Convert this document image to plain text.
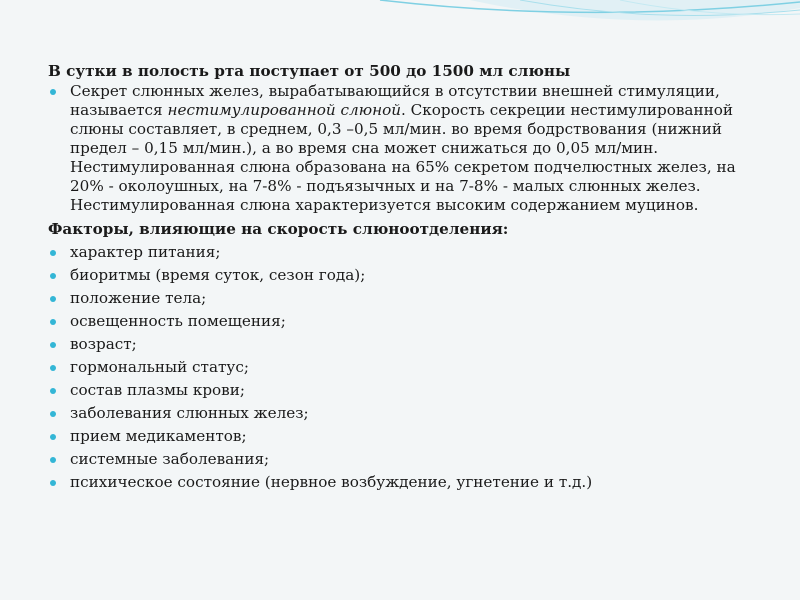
В сутки в полость рта поступает от 500 до 1500 мл слюны
Секрет слюнных желез, вырабатывающийся в отсутствии внешней стимуляции, называется нестимулированной слюной. Скорость секреции нестимулированной слюны составляет, в среднем, 0,3 –0,5 мл/мин. во время бодрствования (нижний предел – 0,15 мл/мин.), а во время сна может снижаться до 0,05 мл/мин. Нестимулированная слюна образована на 65% секретом подчелюстных желез, на 20% - околоушных, на 7-8% - подъязычных и на 7-8% - малых слюнных желез. Нестимулированная слюна характеризуется высоким содержанием муцинов.
Факторы, влияющие на скорость слюноотделения:
характер питания;
биоритмы (время суток, сезон года);
положение тела;
освещенность помещения;
возраст;
гормональный статус;
состав плазмы крови;
заболевания слюнных желез;
прием медикаментов;
системные заболевания;
психическое состояние (нервное возбуждение, угнетение и т.д.)
